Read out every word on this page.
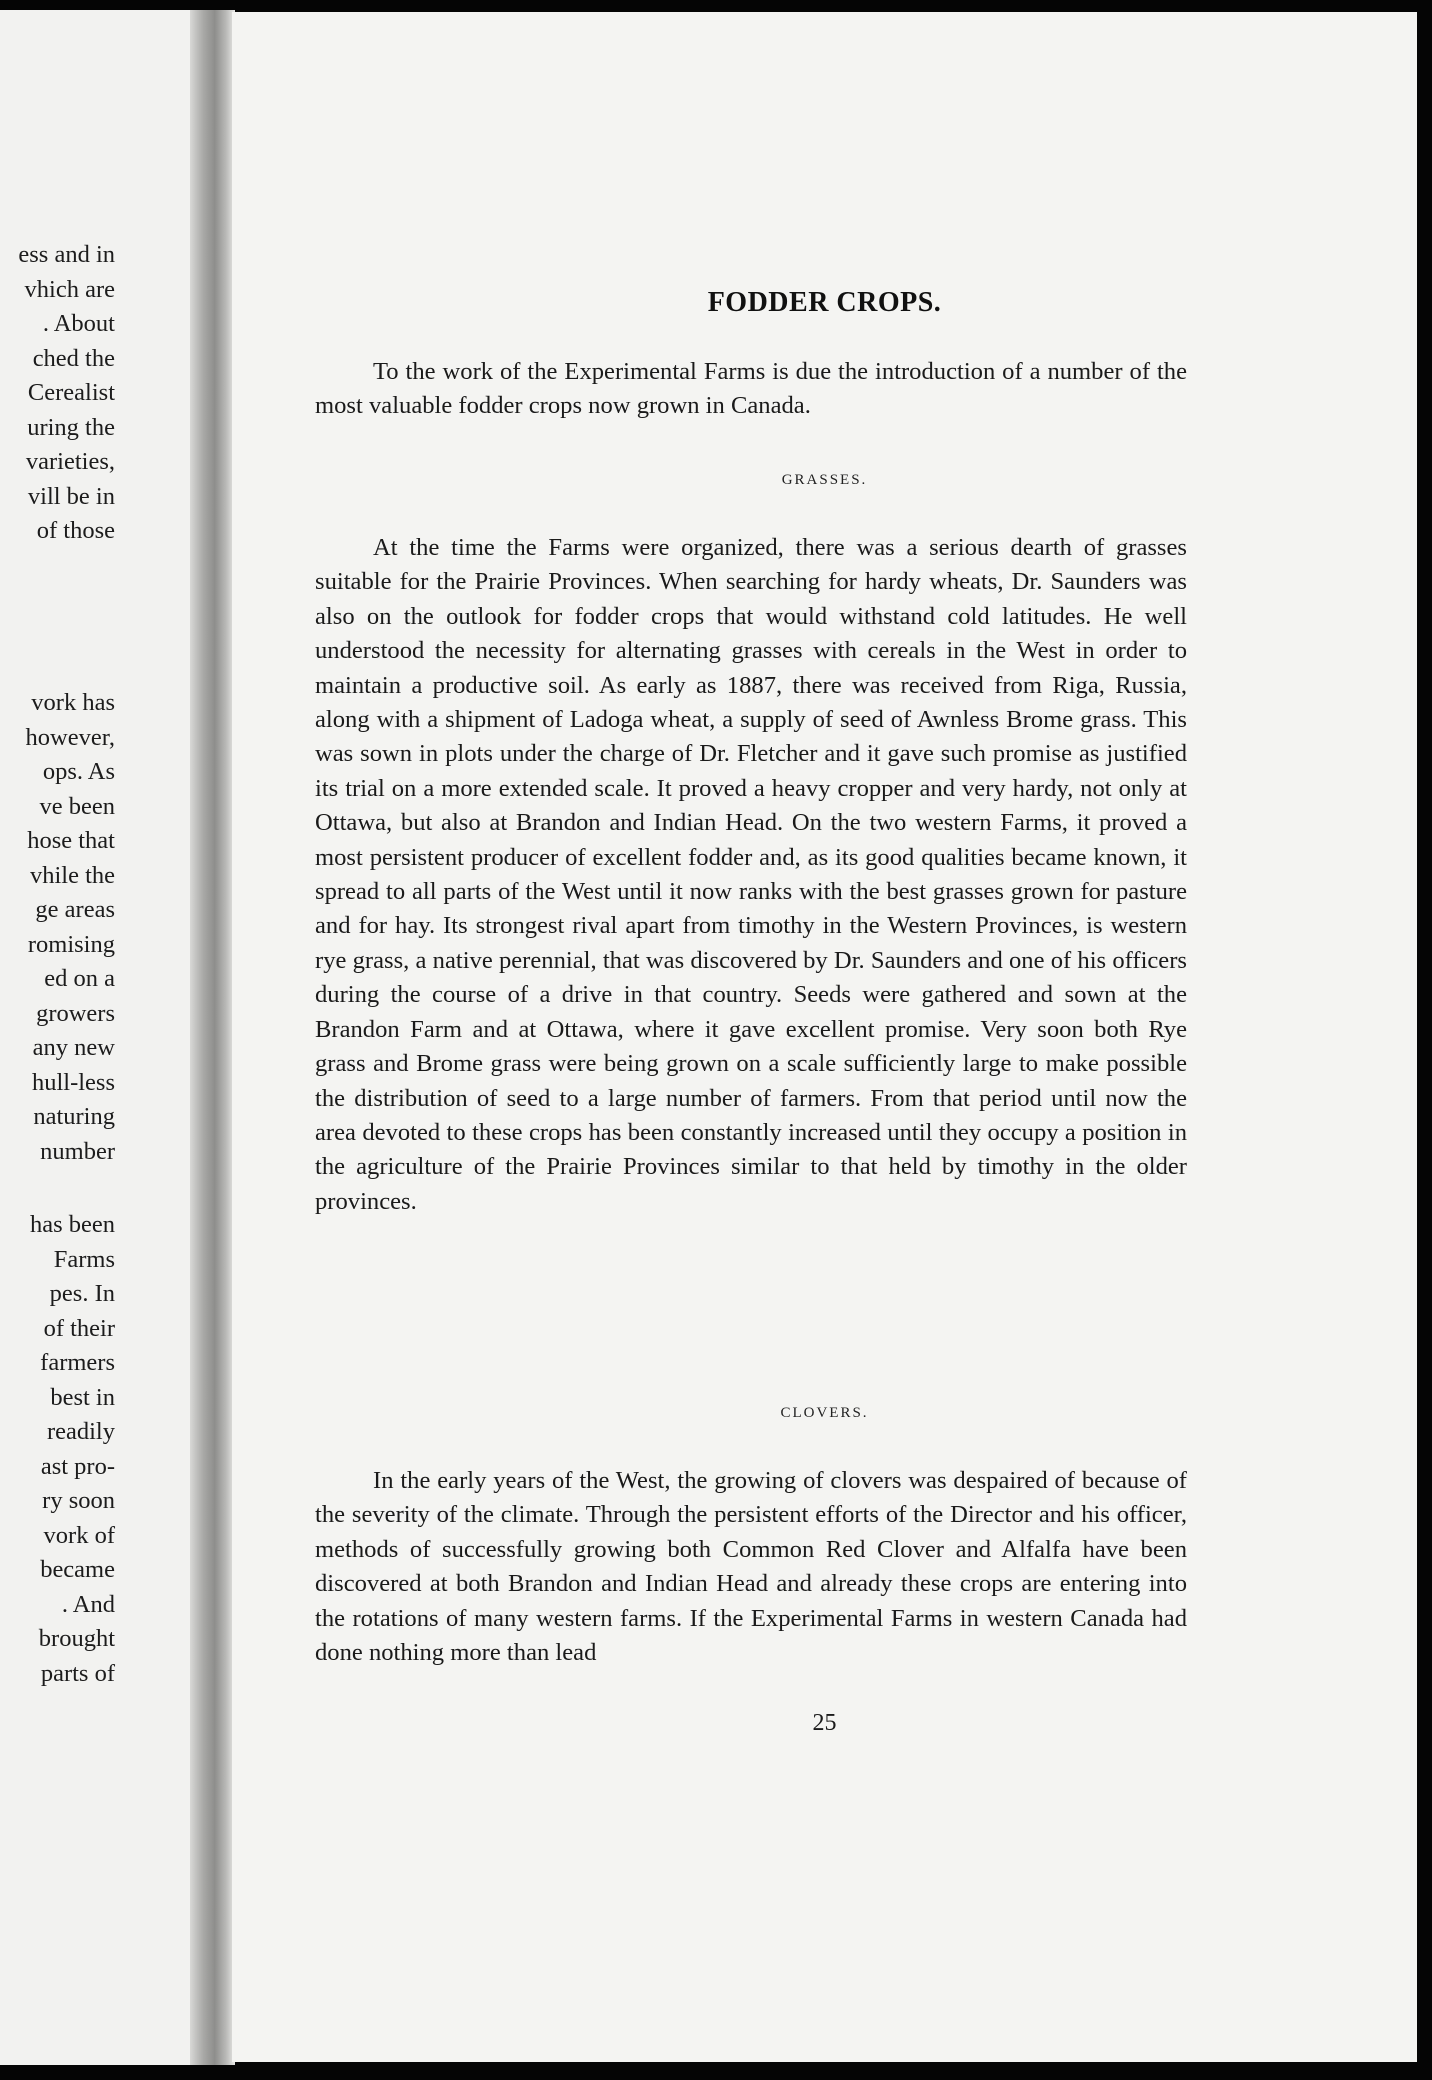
ess and in
vhich are
. About
ched the
Cerealist
uring the
varieties,
vill be in
of those
vork has
however,
ops. As
ve been
hose that
vhile the
ge areas
romising
ed on a
growers
any new
hull-less
naturing
number
has been
Farms
pes. In
of their
farmers
best in
readily
ast pro-
ry soon
vork of
became
. And
brought
parts of
FODDER CROPS.

To the work of the Experimental Farms is due the introduction of a number of the most valuable fodder crops now grown in Canada.

GRASSES.

At the time the Farms were organized, there was a serious dearth of grasses suitable for the Prairie Provinces. When searching for hardy wheats, Dr. Saunders was also on the outlook for fodder crops that would withstand cold latitudes. He well understood the necessity for alternating grasses with cereals in the West in order to maintain a productive soil. As early as 1887, there was received from Riga, Russia, along with a shipment of Ladoga wheat, a supply of seed of Awnless Brome grass. This was sown in plots under the charge of Dr. Fletcher and it gave such promise as justified its trial on a more extended scale. It proved a heavy cropper and very hardy, not only at Ottawa, but also at Brandon and Indian Head. On the two western Farms, it proved a most persistent producer of excellent fodder and, as its good qualities became known, it spread to all parts of the West until it now ranks with the best grasses grown for pasture and for hay. Its strongest rival apart from timothy in the Western Provinces, is western rye grass, a native perennial, that was discovered by Dr. Saunders and one of his officers during the course of a drive in that country. Seeds were gathered and sown at the Brandon Farm and at Ottawa, where it gave excellent promise. Very soon both Rye grass and Brome grass were being grown on a scale sufficiently large to make possible the distribution of seed to a large number of farmers. From that period until now the area devoted to these crops has been constantly increased until they occupy a position in the agriculture of the Prairie Provinces similar to that held by timothy in the older provinces.

CLOVERS.

In the early years of the West, the growing of clovers was despaired of because of the severity of the climate. Through the persistent efforts of the Director and his officer, methods of successfully growing both Common Red Clover and Alfalfa have been discovered at both Brandon and Indian Head and already these crops are entering into the rotations of many western farms. If the Experimental Farms in western Canada had done nothing more than lead

25
